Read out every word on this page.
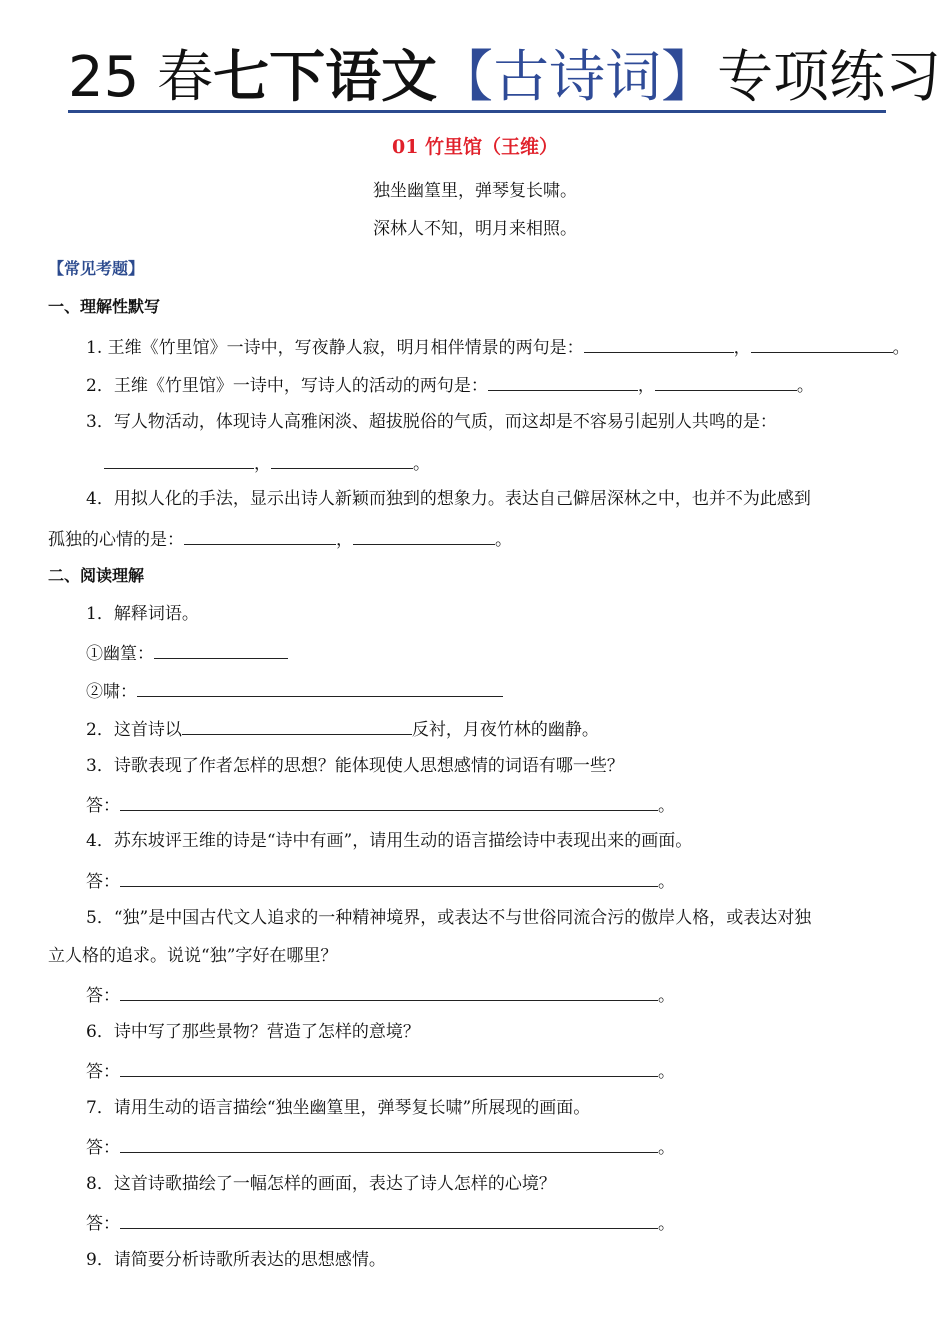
25 春七下语文【古诗词】专项练习
01 竹里馆（王维）
独坐幽篁里，弹琴复长啸。
深林人不知，明月来相照。
【常见考题】
一、理解性默写
1. 王维《竹里馆》一诗中，写夜静人寂，明月相伴情景的两句是：	，	。
2．王维《竹里馆》一诗中，写诗人的活动的两句是：	，	。
3．写人物活动，体现诗人高雅闲淡、超拔脱俗的气质，而这却是不容易引起别人共鸣的是：
，	。
4．用拟人化的手法，显示出诗人新颖而独到的想象力。表达自己僻居深林之中，也并不为此感到
孤独的心情的是：	，	。
二、阅读理解
1．解释词语。
①幽篁：
②啸：
2．这首诗以	反衬，月夜竹林的幽静。
3．诗歌表现了作者怎样的思想？能体现使人思想感情的词语有哪一些？
答：	。
4．苏东坡评王维的诗是“诗中有画”，请用生动的语言描绘诗中表现出来的画面。
答：	。
5．“独”是中国古代文人追求的一种精神境界，或表达不与世俗同流合污的傲岸人格，或表达对独
立人格的追求。说说“独”字好在哪里？
答：	。
6．诗中写了那些景物？营造了怎样的意境？
答：	。
7．请用生动的语言描绘“独坐幽篁里，弹琴复长啸”所展现的画面。
答：	。
8．这首诗歌描绘了一幅怎样的画面，表达了诗人怎样的心境？
答：	。
9．请简要分析诗歌所表达的思想感情。
